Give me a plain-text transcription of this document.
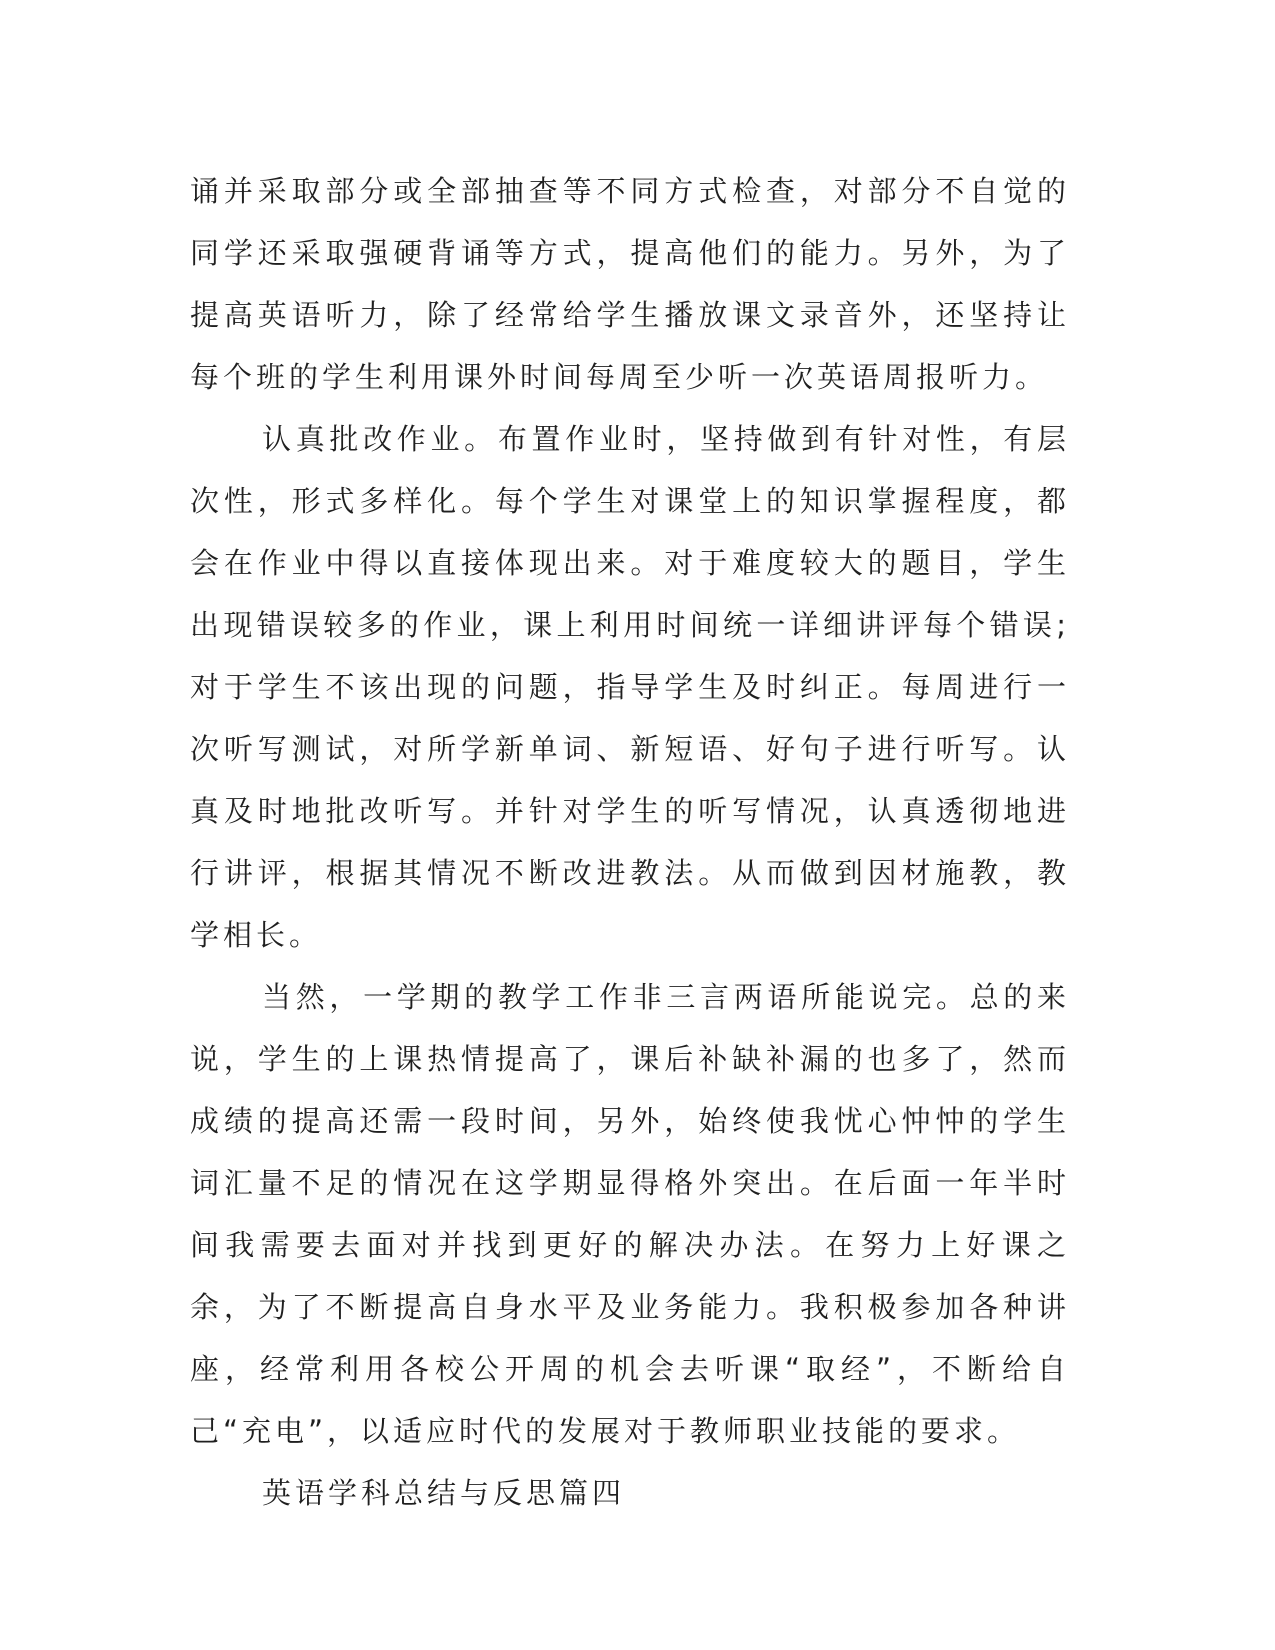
诵并采取部分或全部抽查等不同方式检查，对部分不自觉的同学还采取强硬背诵等方式，提高他们的能力。另外，为了提高英语听力，除了经常给学生播放课文录音外，还坚持让每个班的学生利用课外时间每周至少听一次英语周报听力。

认真批改作业。布置作业时，坚持做到有针对性，有层次性，形式多样化。每个学生对课堂上的知识掌握程度，都会在作业中得以直接体现出来。对于难度较大的题目，学生出现错误较多的作业，课上利用时间统一详细讲评每个错误;对于学生不该出现的问题，指导学生及时纠正。每周进行一次听写测试，对所学新单词、新短语、好句子进行听写。认真及时地批改听写。并针对学生的听写情况，认真透彻地进行讲评，根据其情况不断改进教法。从而做到因材施教，教学相长。

当然，一学期的教学工作非三言两语所能说完。总的来说，学生的上课热情提高了，课后补缺补漏的也多了，然而成绩的提高还需一段时间，另外，始终使我忧心忡忡的学生词汇量不足的情况在这学期显得格外突出。在后面一年半时间我需要去面对并找到更好的解决办法。在努力上好课之余，为了不断提高自身水平及业务能力。我积极参加各种讲座，经常利用各校公开周的机会去听课“取经”，不断给自己“充电”，以适应时代的发展对于教师职业技能的要求。

英语学科总结与反思篇四
